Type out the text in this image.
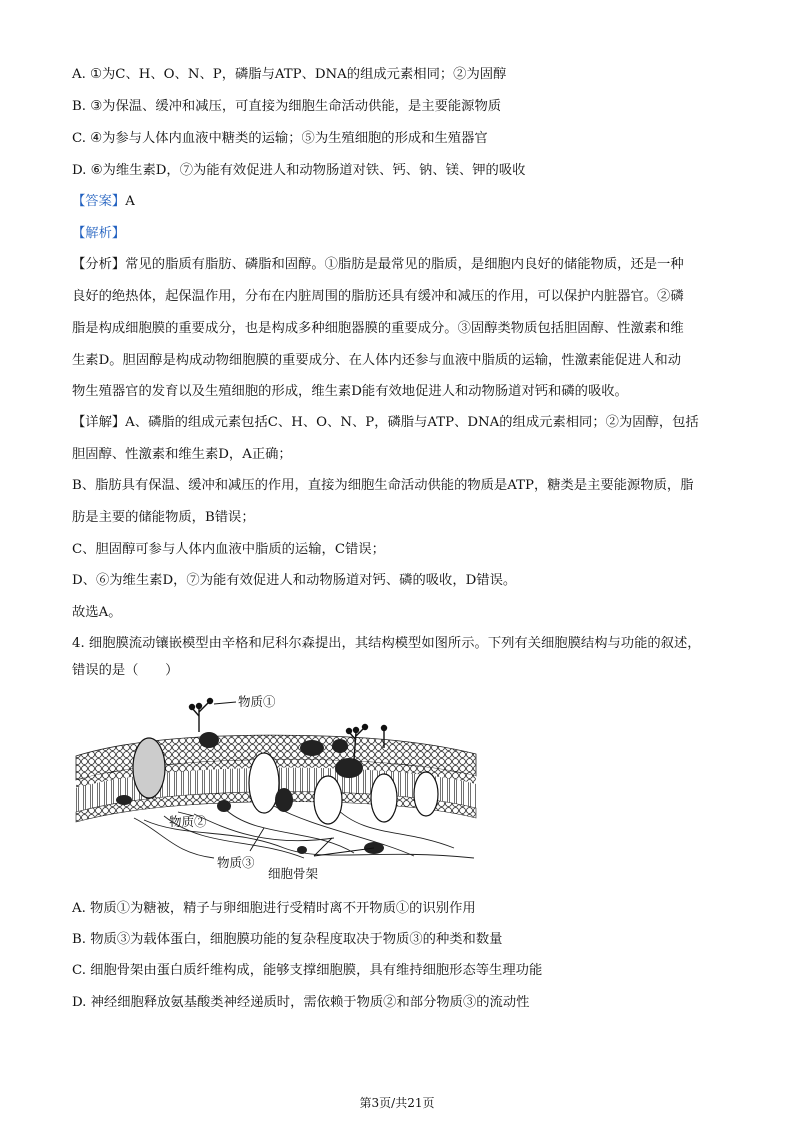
A. ①为C、H、O、N、P，磷脂与ATP、DNA的组成元素相同；②为固醇
B. ③为保温、缓冲和减压，可直接为细胞生命活动供能，是主要能源物质
C. ④为参与人体内血液中糖类的运输；⑤为生殖细胞的形成和生殖器官
D. ⑥为维生素D，⑦为能有效促进人和动物肠道对铁、钙、钠、镁、钾的吸收
【答案】A
【解析】
【分析】常见的脂质有脂肪、磷脂和固醇。①脂肪是最常见的脂质，是细胞内良好的储能物质，还是一种
良好的绝热体，起保温作用，分布在内脏周围的脂肪还具有缓冲和减压的作用，可以保护内脏器官。②磷
脂是构成细胞膜的重要成分，也是构成多种细胞器膜的重要成分。③固醇类物质包括胆固醇、性激素和维
生素D。胆固醇是构成动物细胞膜的重要成分、在人体内还参与血液中脂质的运输，性激素能促进人和动
物生殖器官的发育以及生殖细胞的形成，维生素D能有效地促进人和动物肠道对钙和磷的吸收。
【详解】A、磷脂的组成元素包括C、H、O、N、P，磷脂与ATP、DNA的组成元素相同；②为固醇，包括
胆固醇、性激素和维生素D，A正确；
B、脂肪具有保温、缓冲和减压的作用，直接为细胞生命活动供能的物质是ATP，糖类是主要能源物质，脂
肪是主要的储能物质，B错误；
C、胆固醇可参与人体内血液中脂质的运输，C错误；
D、⑥为维生素D，⑦为能有效促进人和动物肠道对钙、磷的吸收，D错误。
故选A。
4. 细胞膜流动镶嵌模型由辛格和尼科尔森提出，其结构模型如图所示。下列有关细胞膜结构与功能的叙述，
错误的是（　　）
物质①
物质②
物质③
细胞骨架
A. 物质①为糖被，精子与卵细胞进行受精时离不开物质①的识别作用
B. 物质③为载体蛋白，细胞膜功能的复杂程度取决于物质③的种类和数量
C. 细胞骨架由蛋白质纤维构成，能够支撑细胞膜，具有维持细胞形态等生理功能
D. 神经细胞释放氨基酸类神经递质时，需依赖于物质②和部分物质③的流动性
第3页/共21页
